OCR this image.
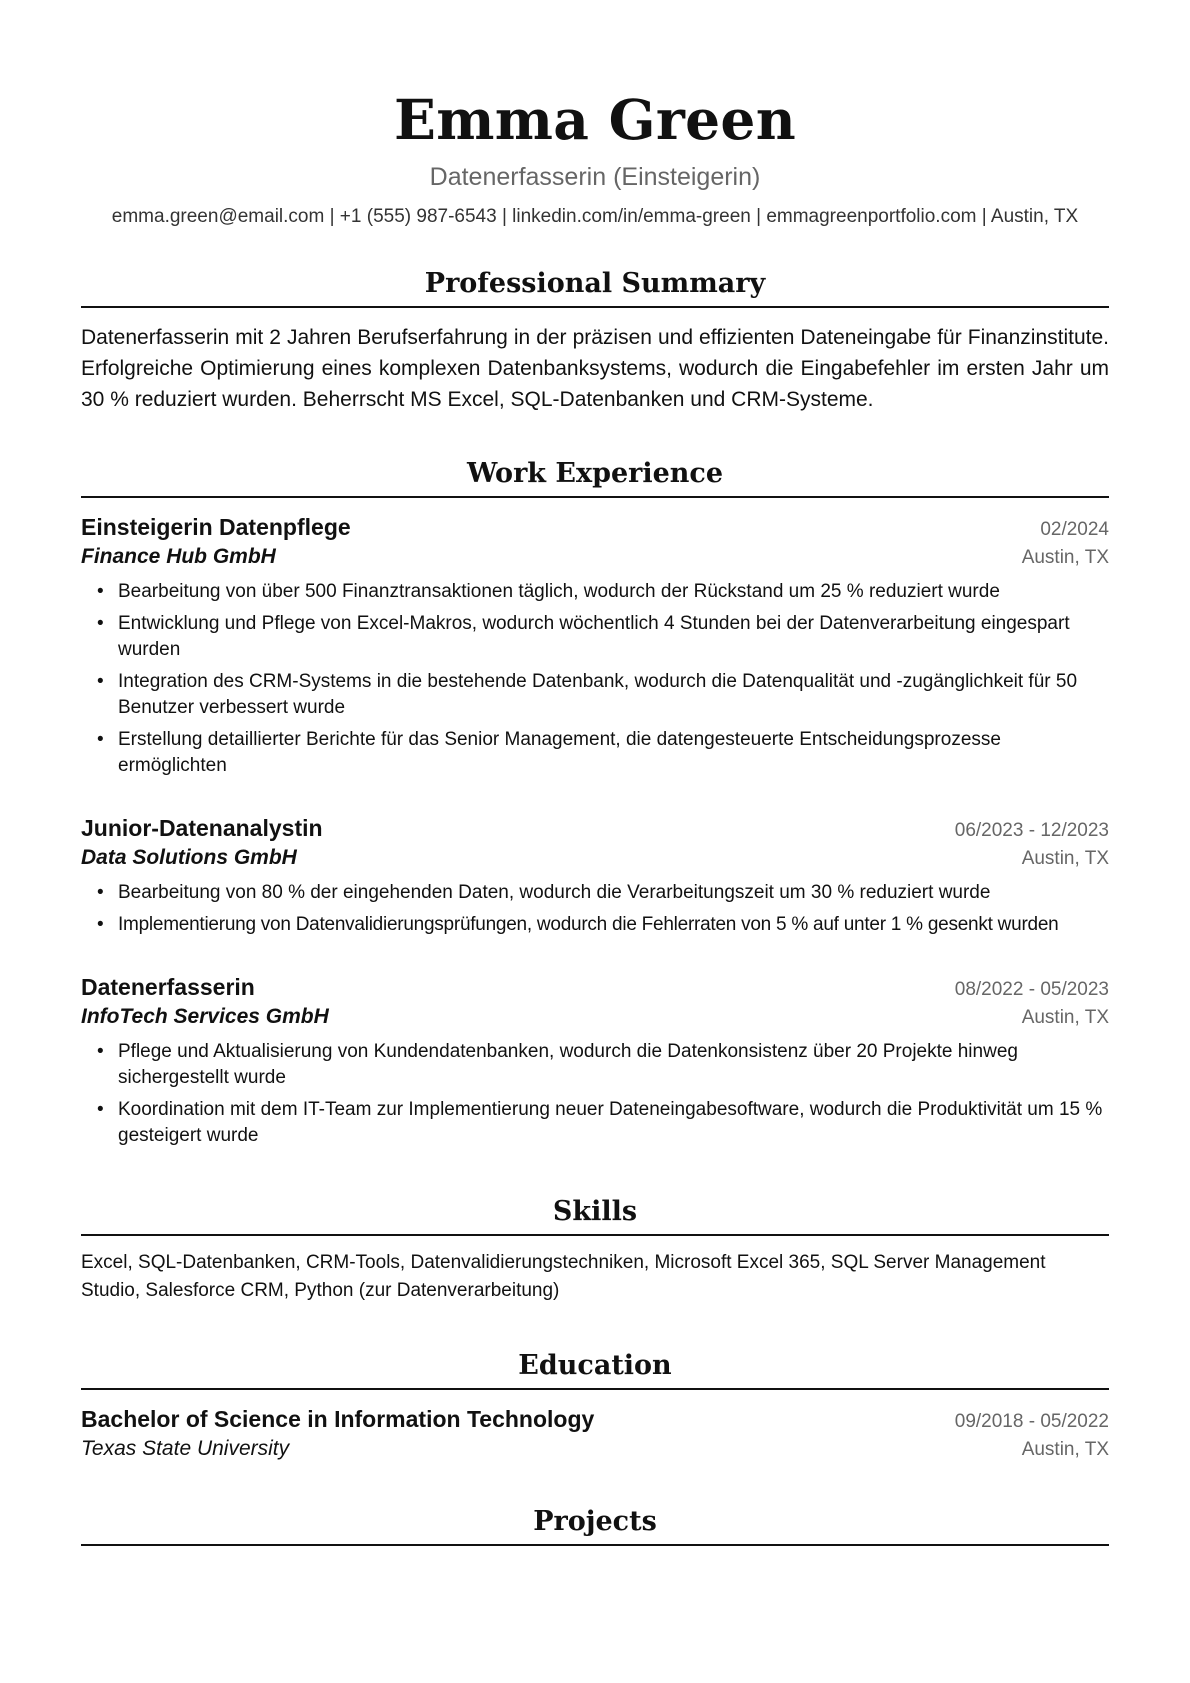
Emma Green
Datenerfasserin (Einsteigerin)
emma.green@email.com | +1 (555) 987-6543 | linkedin.com/in/emma-green | emmagreenportfolio.com | Austin, TX
Professional Summary
Datenerfasserin mit 2 Jahren Berufserfahrung in der präzisen und effizienten Dateneingabe für Finanzinstitute. Erfolgreiche Optimierung eines komplexen Datenbanksystems, wodurch die Eingabefehler im ersten Jahr um 30 % reduziert wurden. Beherrscht MS Excel, SQL-Datenbanken und CRM-Systeme.
Work Experience
Einsteigerin Datenpflege	02/2024
Finance Hub GmbH	Austin, TX
• Bearbeitung von über 500 Finanztransaktionen täglich, wodurch der Rückstand um 25 % reduziert wurde
• Entwicklung und Pflege von Excel-Makros, wodurch wöchentlich 4 Stunden bei der Datenverarbeitung eingespart wurden
• Integration des CRM-Systems in die bestehende Datenbank, wodurch die Datenqualität und -zugänglichkeit für 50 Benutzer verbessert wurde
• Erstellung detaillierter Berichte für das Senior Management, die datengesteuerte Entscheidungsprozesse ermöglichten
Junior-Datenanalystin	06/2023 - 12/2023
Data Solutions GmbH	Austin, TX
• Bearbeitung von 80 % der eingehenden Daten, wodurch die Verarbeitungszeit um 30 % reduziert wurde
• Implementierung von Datenvalidierungsprüfungen, wodurch die Fehlerraten von 5 % auf unter 1 % gesenkt wurden
Datenerfasserin	08/2022 - 05/2023
InfoTech Services GmbH	Austin, TX
• Pflege und Aktualisierung von Kundendatenbanken, wodurch die Datenkonsistenz über 20 Projekte hinweg sichergestellt wurde
• Koordination mit dem IT-Team zur Implementierung neuer Dateneingabesoftware, wodurch die Produktivität um 15 % gesteigert wurde
Skills
Excel, SQL-Datenbanken, CRM-Tools, Datenvalidierungstechniken, Microsoft Excel 365, SQL Server Management Studio, Salesforce CRM, Python (zur Datenverarbeitung)
Education
Bachelor of Science in Information Technology	09/2018 - 05/2022
Texas State University	Austin, TX
Projects
